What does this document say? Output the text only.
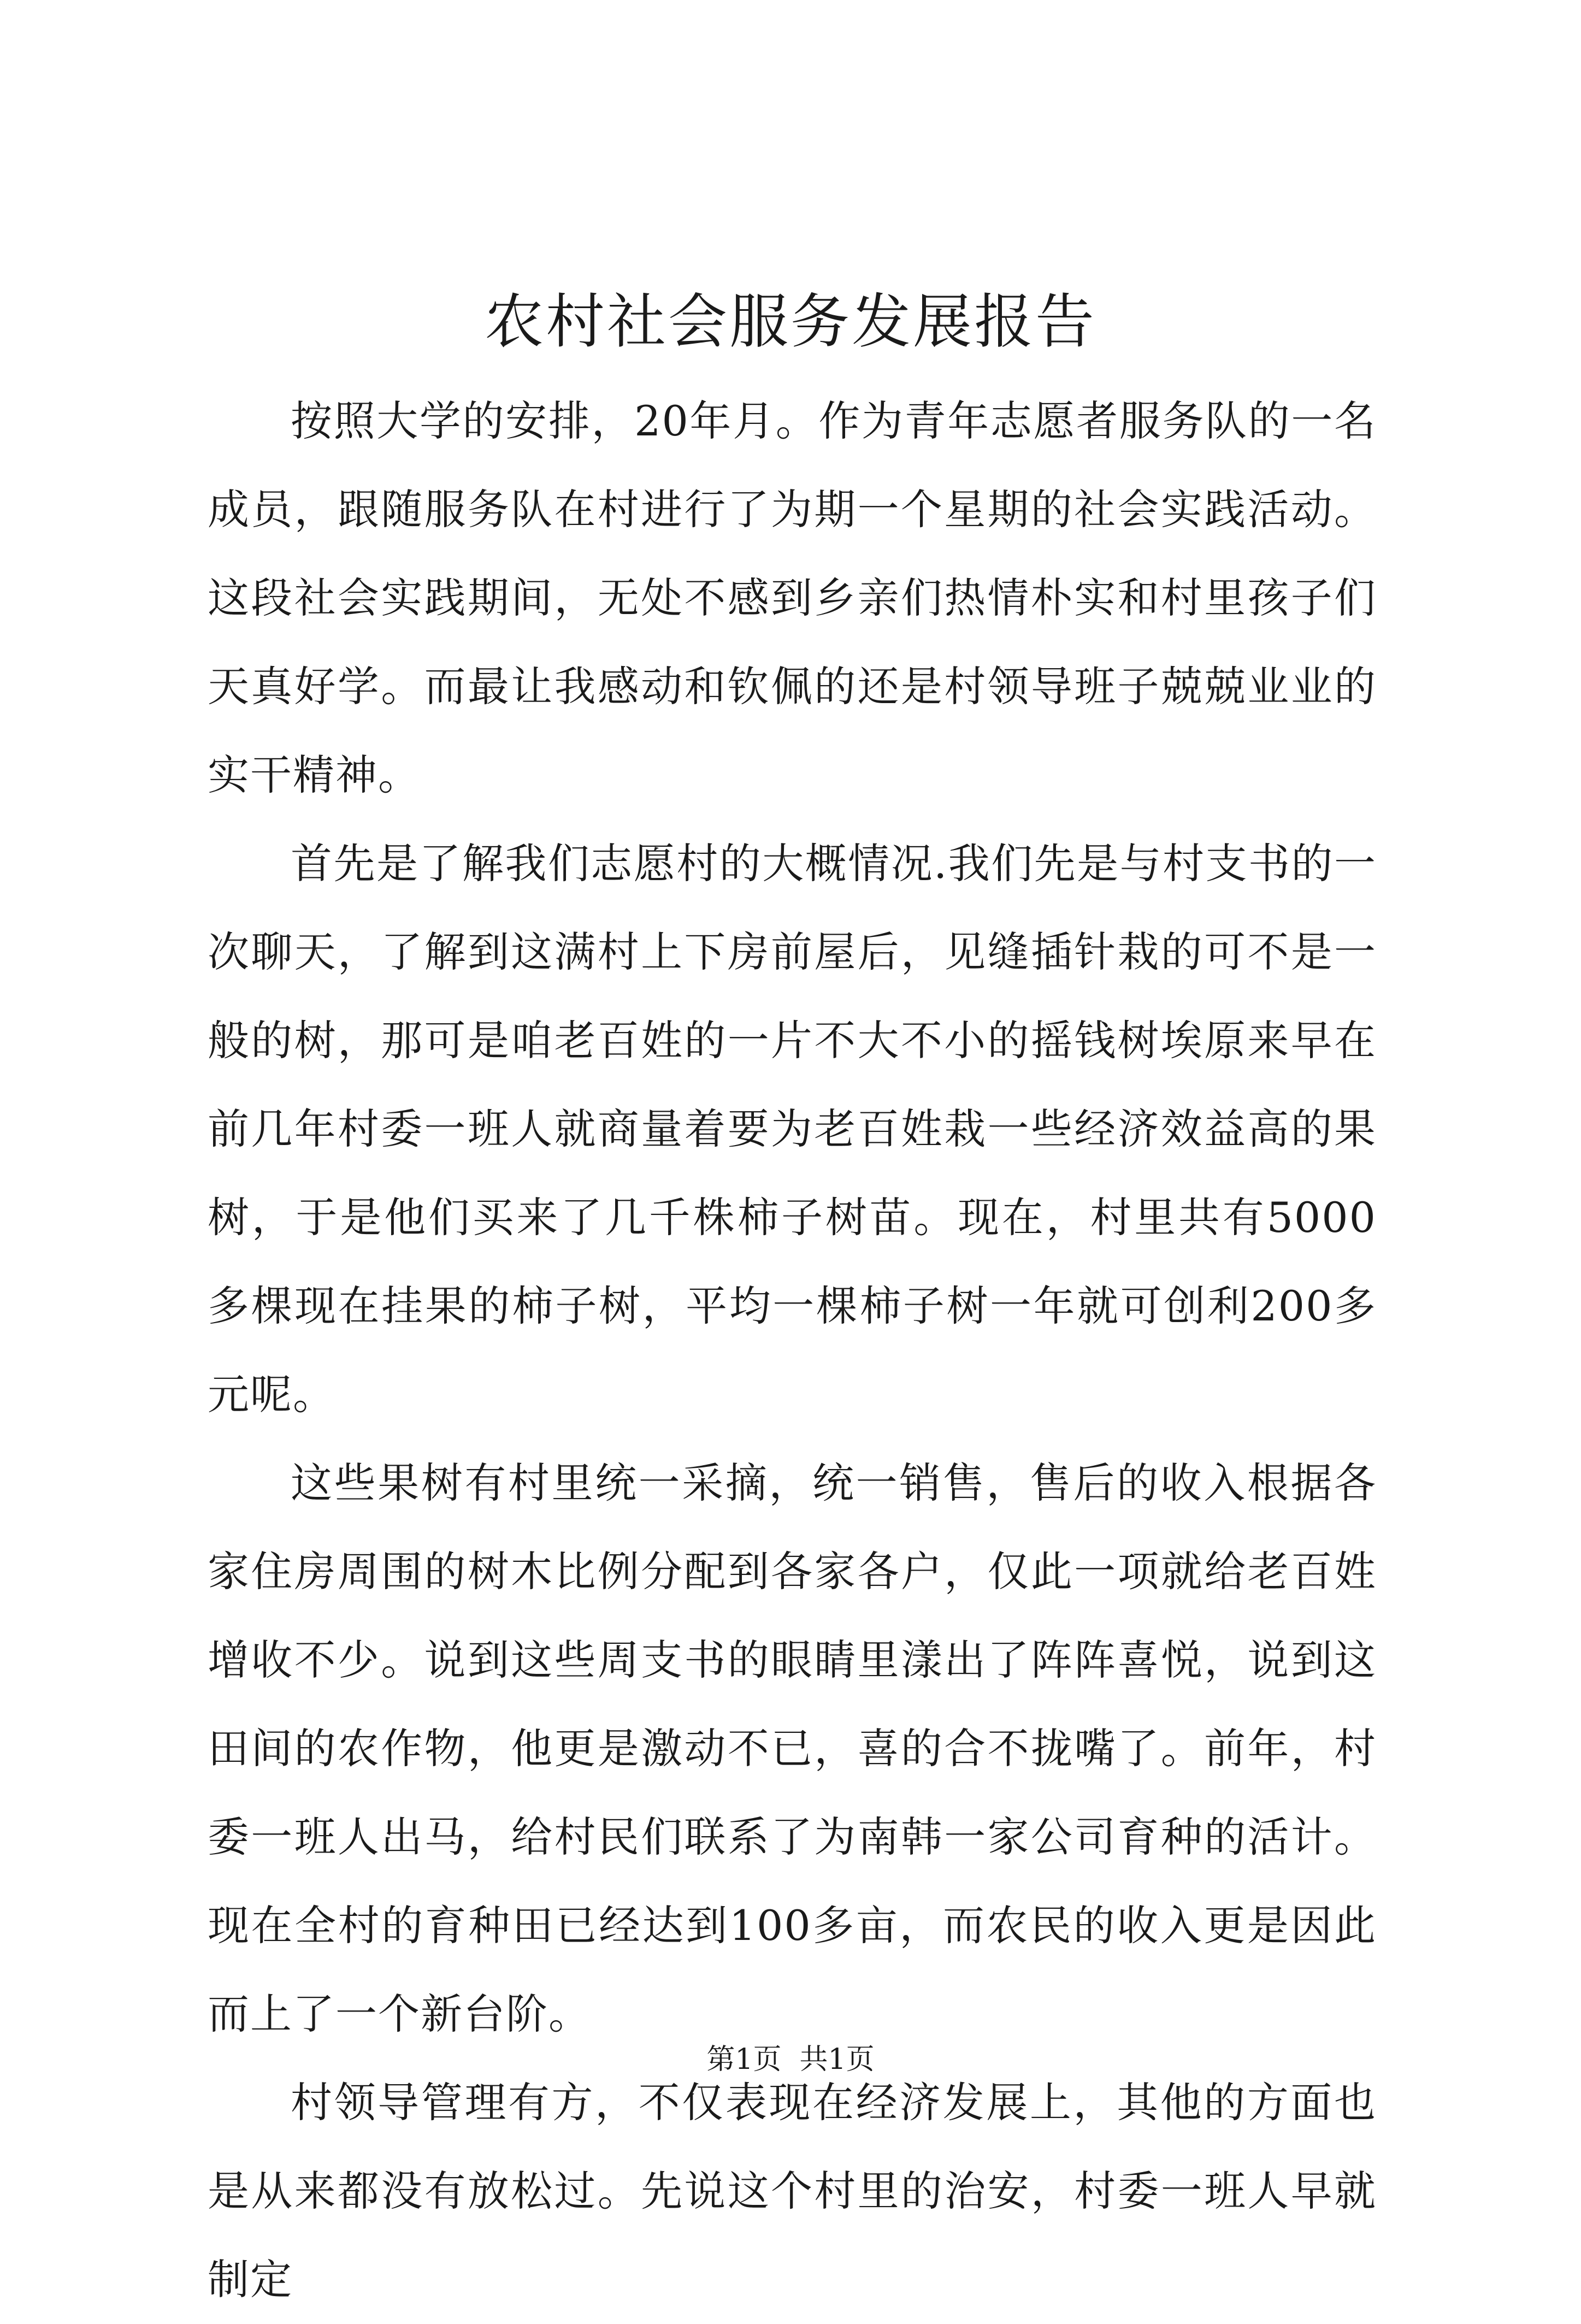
农村社会服务发展报告

按照大学的安排，20年月。作为青年志愿者服务队的一名成员，跟随服务队在村进行了为期一个星期的社会实践活动。这段社会实践期间，无处不感到乡亲们热情朴实和村里孩子们天真好学。而最让我感动和钦佩的还是村领导班子兢兢业业的实干精神。

首先是了解我们志愿村的大概情况.我们先是与村支书的一次聊天，了解到这满村上下房前屋后，见缝插针栽的可不是一般的树，那可是咱老百姓的一片不大不小的摇钱树埃原来早在前几年村委一班人就商量着要为老百姓栽一些经济效益高的果树，于是他们买来了几千株柿子树苗。现在，村里共有5000多棵现在挂果的柿子树，平均一棵柿子树一年就可创利200多元呢。

这些果树有村里统一采摘，统一销售，售后的收入根据各家住房周围的树木比例分配到各家各户，仅此一项就给老百姓增收不少。说到这些周支书的眼睛里漾出了阵阵喜悦，说到这田间的农作物，他更是激动不已，喜的合不拢嘴了。前年，村委一班人出马，给村民们联系了为南韩一家公司育种的活计。现在全村的育种田已经达到100多亩，而农民的收入更是因此而上了一个新台阶。

村领导管理有方，不仅表现在经济发展上，其他的方面也是从来都没有放松过。先说这个村里的治安，村委一班人早就制定

第1页  共1页
